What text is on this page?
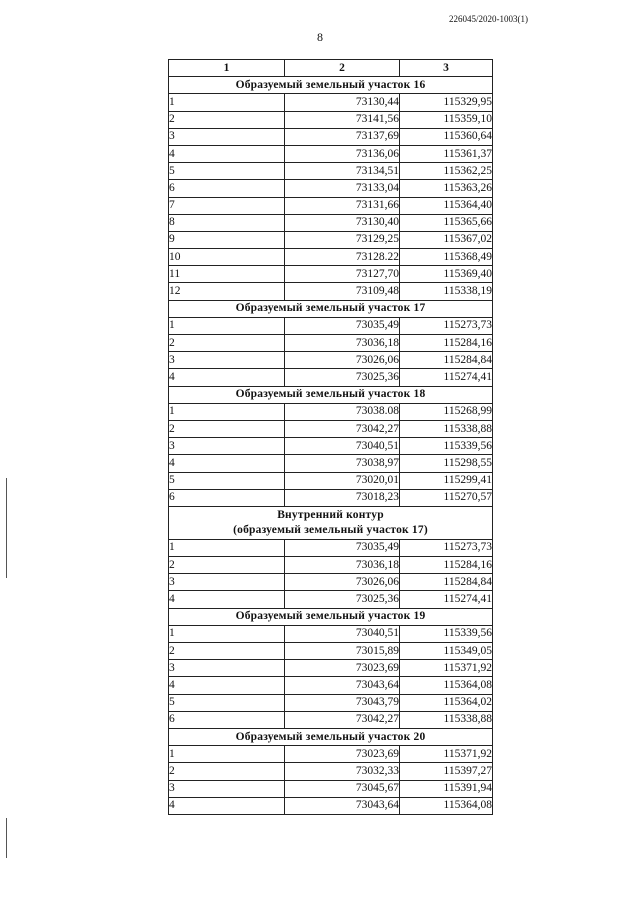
226045/2020-1003(1)
8
1	2	3
Образуемый земельный участок 16		
1	73130,44	115329,95
2	73141,56	115359,10
3	73137,69	115360,64
4	73136,06	115361,37
5	73134,51	115362,25
6	73133,04	115363,26
7	73131,66	115364,40
8	73130,40	115365,66
9	73129,25	115367,02
10	73128.22	115368,49
11	73127,70	115369,40
12	73109,48	115338,19
Образуемый земельный участок 17		
1	73035,49	115273,73
2	73036,18	115284,16
3	73026,06	115284,84
4	73025,36	115274,41
Образуемый земельный участок 18		
1	73038.08	115268,99
2	73042,27	115338,88
3	73040,51	115339,56
4	73038,97	115298,55
5	73020,01	115299,41
6	73018,23	115270,57
Внутренний контур
(образуемый земельный участок 17)		
1	73035,49	115273,73
2	73036,18	115284,16
3	73026,06	115284,84
4	73025,36	115274,41
Образуемый земельный участок 19		
1	73040,51	115339,56
2	73015,89	115349,05
3	73023,69	115371,92
4	73043,64	115364,08
5	73043,79	115364,02
6	73042,27	115338,88
Образуемый земельный участок 20		
1	73023,69	115371,92
2	73032,33	115397,27
3	73045,67	115391,94
4	73043,64	115364,08
